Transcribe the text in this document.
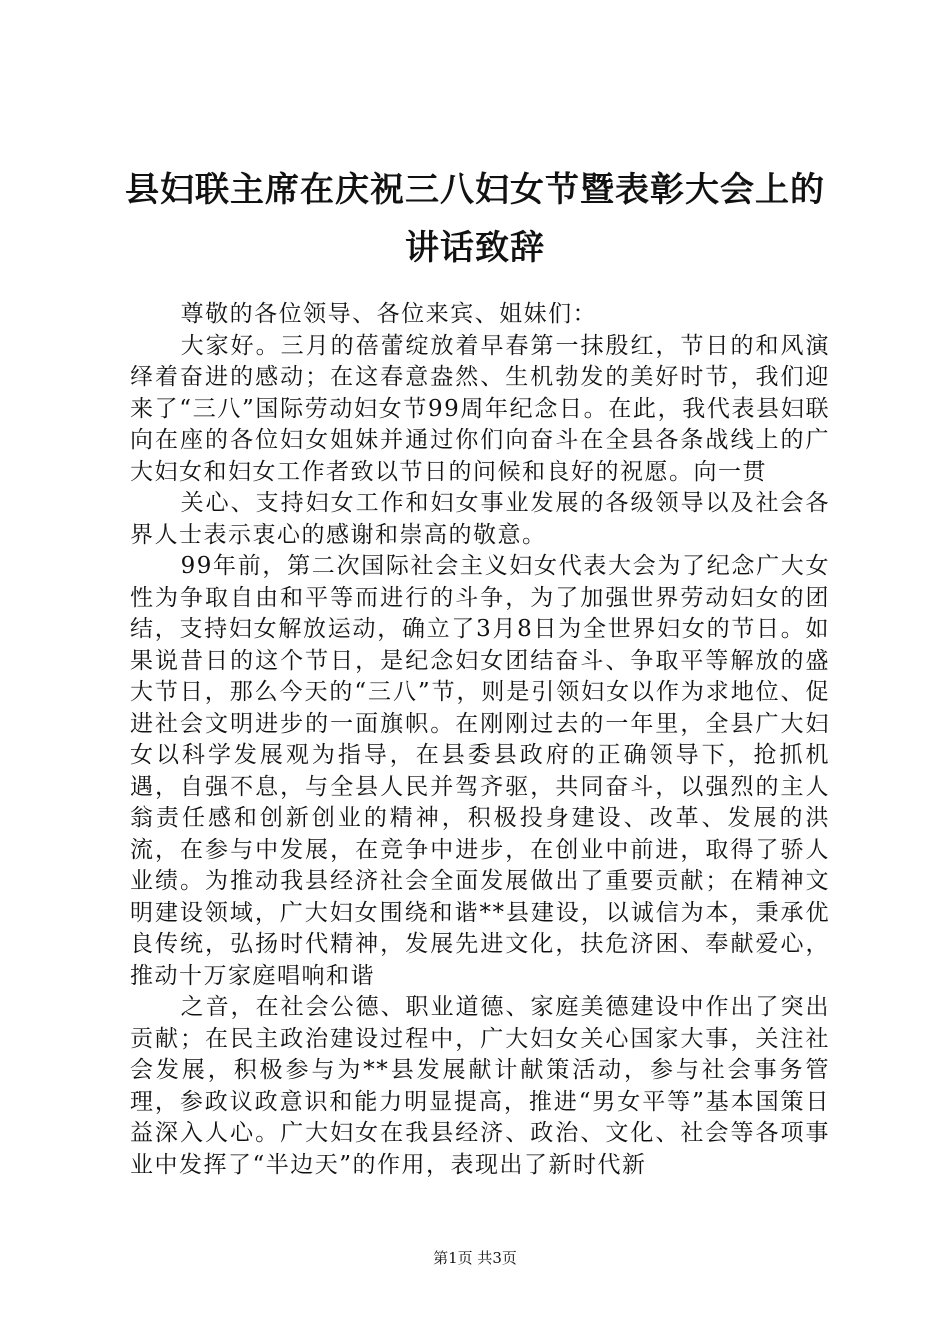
县妇联主席在庆祝三八妇女节暨表彰大会上的
讲话致辞

尊敬的各位领导、各位来宾、姐妹们：

大家好。三月的蓓蕾绽放着早春第一抹殷红，节日的和风演绎着奋进的感动；在这春意盎然、生机勃发的美好时节，我们迎来了“三八”国际劳动妇女节99周年纪念日。在此，我代表县妇联向在座的各位妇女姐妹并通过你们向奋斗在全县各条战线上的广大妇女和妇女工作者致以节日的问候和良好的祝愿。向一贯

关心、支持妇女工作和妇女事业发展的各级领导以及社会各界人士表示衷心的感谢和崇高的敬意。

99年前，第二次国际社会主义妇女代表大会为了纪念广大女性为争取自由和平等而进行的斗争，为了加强世界劳动妇女的团结，支持妇女解放运动，确立了3月8日为全世界妇女的节日。如果说昔日的这个节日，是纪念妇女团结奋斗、争取平等解放的盛大节日，那么今天的“三八”节，则是引领妇女以作为求地位、促进社会文明进步的一面旗帜。在刚刚过去的一年里，全县广大妇女以科学发展观为指导，在县委县政府的正确领导下，抢抓机遇，自强不息，与全县人民并驾齐驱，共同奋斗，以强烈的主人翁责任感和创新创业的精神，积极投身建设、改革、发展的洪流，在参与中发展，在竞争中进步，在创业中前进，取得了骄人业绩。为推动我县经济社会全面发展做出了重要贡献；在精神文明建设领域，广大妇女围绕和谐**县建设，以诚信为本，秉承优良传统，弘扬时代精神，发展先进文化，扶危济困、奉献爱心，推动十万家庭唱响和谐

之音，在社会公德、职业道德、家庭美德建设中作出了突出贡献；在民主政治建设过程中，广大妇女关心国家大事，关注社会发展，积极参与为**县发展献计献策活动，参与社会事务管理，参政议政意识和能力明显提高，推进“男女平等”基本国策日益深入人心。广大妇女在我县经济、政治、文化、社会等各项事业中发挥了“半边天”的作用，表现出了新时代新

第1页 共3页
